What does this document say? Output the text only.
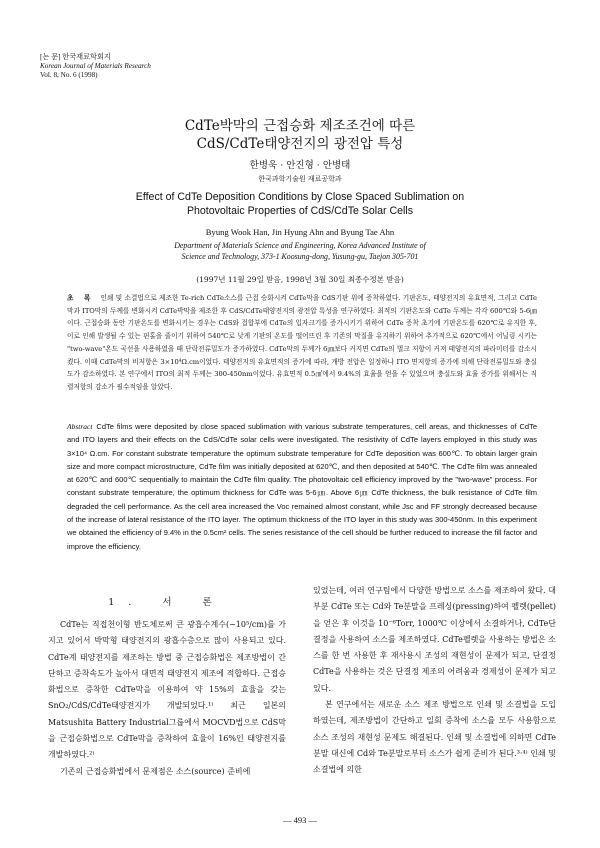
[논 문] 한국재료학회지
Korean Journal of Materials Research
Vol. 8, No. 6 (1998)
CdTe박막의 근접승화 제조조건에 따른
CdS/CdTe태양전지의 광전압 특성
한병욱 · 안진형 · 안병태
한국과학기술원 재료공학과
Effect of CdTe Deposition Conditions by Close Spaced Sublimation on
Photovoltaic Properties of CdS/CdTe Solar Cells
Byung Wook Han, Jin Hyung Ahn and Byung Tae Ahn
Department of Materials Science and Engineering, Korea Advanced Institute of
Science and Technology, 373-1 Koosung-dong, Yusung-gu, Taejon 305-701
(1997년 11월 29일 받음, 1998년 3월 30일 최종수정본 받음)
초 록 인쇄 및 소결법으로 제조한 Te-rich CdTe소스를 근접 승화시켜 CdTe막을 CdS기판 위에 증착하였다. 기판온도, 태양전지의 유효면적, 그리고 CdTe막과 ITO막의 두께를 변화시켜 CdTe박막을 제조한 후 CdS/CdTe태양전지의 광전압 특성을 연구하였다. 최적의 기판온도와 CdTe 두께는 각각 600℃와 5-6㎛이다. 근접승화 동안 기판온도를 변화시키는 경우는 CdS와 접합부에 CdTe의 입자크기를 증가시키기 위하여 CdTe 증착 초기에 기판온도를 620℃로 유지한 후, 이로 인해 발생될 수 있는 핀홀을 줄이기 위하여 540℃로 낮게 기판의 온도를 떨어뜨린 후 기존의 막질을 유지하기 위하여 추가적으로 620℃에서 어닐링 시키는 "two-wave"온도 곡선을 사용하였을 때 단락전류밀도가 증가하였다. CdTe막의 두께가 6㎛보다 커지면 CdTe의 벌크 저항이 커져 태양전지의 파라미터를 감소시켰다. 이때 CdTe막의 비저항은 3×10⁴Ω.cm이었다. 태양전지의 유효면적의 증가에 따라, 개방 전압은 일정하나 ITO 면저항의 증가에 의해 단락전류밀도와 충실도가 감소하였다. 본 연구에서 ITO의 최적 두께는 300-450nm이었다. 유효면적 0.5㎠에서 9.4%의 효율을 얻을 수 있었으며 충실도와 효율 증가를 위해서는 직렬저항의 감소가 필수적임을 알았다.
Abstract CdTe films were deposited by close spaced sublimation with various substrate temperatures, cell areas, and thicknesses of CdTe and ITO layers and their effects on the CdS/CdTe solar cells were investigated. The resistivity of CdTe layers employed in this study was 3×10⁴ Ω.cm. For constant substrate temperature the optimum substrate temperature for CdTe deposition was 600℃. To obtain larger grain size and more compact microstructure, CdTe film was initially deposited at 620℃, and then deposited at 540℃. The CdTe film was annealed at 620℃ and 600℃ sequentially to maintain the CdTe film quality. The photovoltaic cell efficiency improved by the "two-wave" process. For constant substrate temperature, the optimum thickness for CdTe was 5-6㎛. Above 6㎛ CdTe thickness, the bulk resistance of CdTe film degraded the cell performance. As the cell area increased the Voc remained almost constant, while Jsc and FF strongly decreased because of the increase of lateral resistance of the ITO layer. The optimum thickness of the ITO layer in this study was 300-450nm. In this experiment we obtained the efficiency of 9.4% in the 0.5cm² cells. The series resistance of the cell should be further reduced to increase the fill factor and improve the efficiency.
1. 서 론

CdTe는 직접천이형 반도체로써 큰 광흡수계수(~10⁵/cm)를 가지고 있어서 박막형 태양전지의 광흡수층으로 많이 사용되고 있다. CdTe계 태양전지를 제조하는 방법 중 근접승화법은 제조방법이 간단하고 증착속도가 높아서 대면적 태양전지 제조에 적합하다. 근접승화법으로 증착한 CdTe막을 이용하여 약 15%의 효율을 갖는 SnO₂/CdS/CdTe태양전지가 개발되었다.¹⁾ 최근 일본의 Matsushita Battery Industrial그룹에서 MOCVD법으로 CdS막을 근접승화법으로 CdTe막을 증착하여 효율이 16%인 태양전지를 개발하였다.²⁾

기존의 근접승화법에서 문제점은 소스(source) 준비에

있었는데, 여러 연구팀에서 다양한 방법으로 소스를 제조하여 왔다. 대부분 CdTe 또는 Cd와 Te분말을 프레싱(pressing)하여 펠렛(pellet)을 얻은 후 이것을 10⁻⁶Torr, 1000℃ 이상에서 소결하거나, CdTe단결정을 사용하여 소스를 제조하였다. CdTe펠렛을 사용하는 방법은 소스를 한 번 사용한 후 재사용시 조성의 재현성이 문제가 되고, 단결정 CdTe을 사용하는 것은 단결정 제조의 어려움과 경제성이 문제가 되고 있다.

본 연구에서는 새로운 소스 제조 방법으로 인쇄 및 소결법을 도입하였는데, 제조방법이 간단하고 일회 증착에 소스를 모두 사용함으로 소스 조성의 재현성 문제도 해결된다. 인쇄 및 소결법에 의하면 CdTe분말 대신에 Cd와 Te분말로부터 소스가 쉽게 준비가 된다.³·⁴⁾ 인쇄 및 소결법에 의한

— 493 —
